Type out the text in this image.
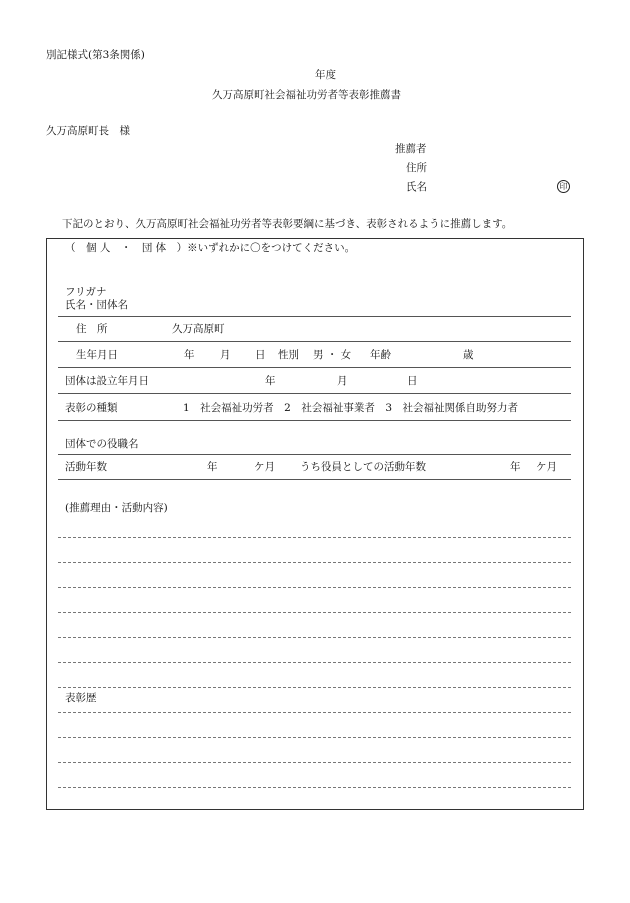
別記様式(第3条関係)
年度
久万高原町社会福祉功労者等表彰推薦書
久万高原町長　様
推薦者
住所
氏名	印
下記のとおり、久万高原町社会福祉功労者等表彰要綱に基づき、表彰されるように推薦します。
（　個 人　・　団 体　）※いずれかに〇をつけてください。
フリガナ
氏名・団体名
住　所	久万高原町
生年月日	年 月 日 性別 男 ・ 女 年齢	歳
団体は設立年月日	年	月	日
表彰の種類	1　社会福祉功労者　2　社会福祉事業者　3　社会福祉関係自助努力者
団体での役職名
活動年数	年	ケ月 うち役員としての活動年数	年 ケ月
(推薦理由・活動内容)
表彰歴
